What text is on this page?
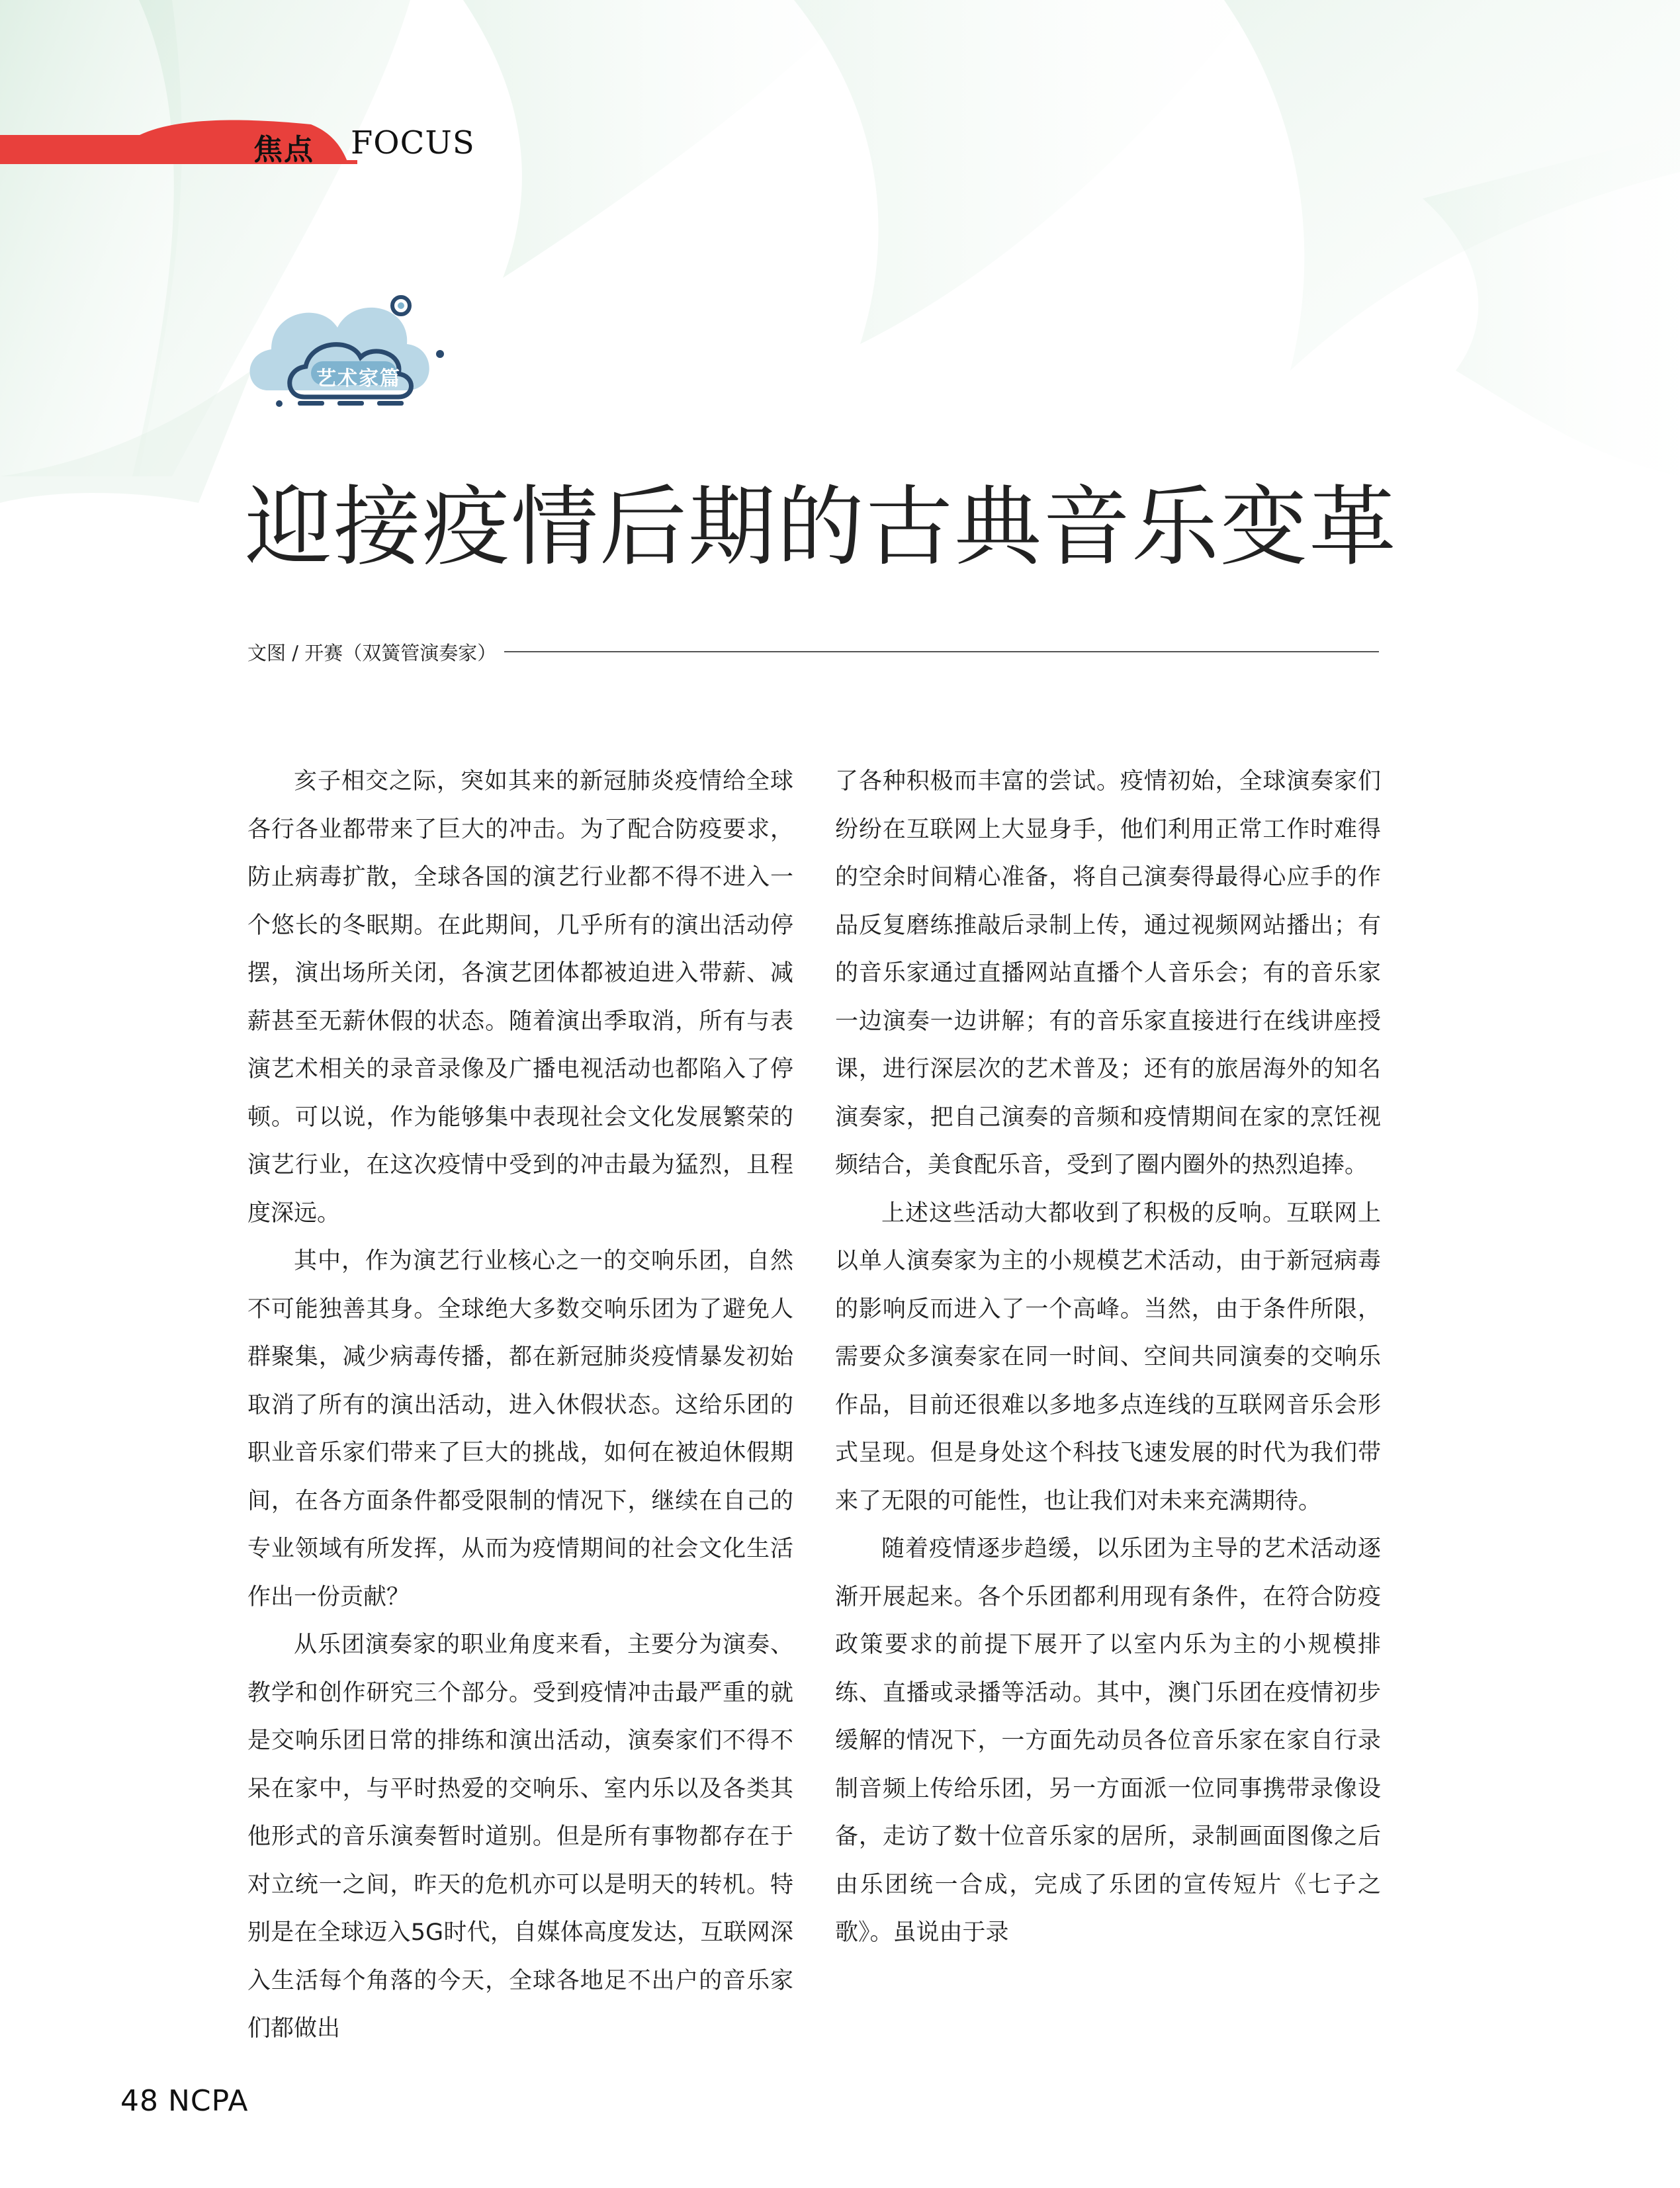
焦点 FOCUS
艺术家篇
迎接疫情后期的古典音乐变革
文图 / 开赛（双簧管演奏家）

亥子相交之际，突如其来的新冠肺炎疫情给全球各行各业都带来了巨大的冲击。为了配合防疫要求，防止病毒扩散，全球各国的演艺行业都不得不进入一个悠长的冬眠期。在此期间，几乎所有的演出活动停摆，演出场所关闭，各演艺团体都被迫进入带薪、减薪甚至无薪休假的状态。随着演出季取消，所有与表演艺术相关的录音录像及广播电视活动也都陷入了停顿。可以说，作为能够集中表现社会文化发展繁荣的演艺行业，在这次疫情中受到的冲击最为猛烈，且程度深远。

其中，作为演艺行业核心之一的交响乐团，自然不可能独善其身。全球绝大多数交响乐团为了避免人群聚集，减少病毒传播，都在新冠肺炎疫情暴发初始取消了所有的演出活动，进入休假状态。这给乐团的职业音乐家们带来了巨大的挑战，如何在被迫休假期间，在各方面条件都受限制的情况下，继续在自己的专业领域有所发挥，从而为疫情期间的社会文化生活作出一份贡献？

从乐团演奏家的职业角度来看，主要分为演奏、教学和创作研究三个部分。受到疫情冲击最严重的就是交响乐团日常的排练和演出活动，演奏家们不得不呆在家中，与平时热爱的交响乐、室内乐以及各类其他形式的音乐演奏暂时道别。但是所有事物都存在于对立统一之间，昨天的危机亦可以是明天的转机。特别是在全球迈入5G时代，自媒体高度发达，互联网深入生活每个角落的今天，全球各地足不出户的音乐家们都做出

了各种积极而丰富的尝试。疫情初始，全球演奏家们纷纷在互联网上大显身手，他们利用正常工作时难得的空余时间精心准备，将自己演奏得最得心应手的作品反复磨练推敲后录制上传，通过视频网站播出；有的音乐家通过直播网站直播个人音乐会；有的音乐家一边演奏一边讲解；有的音乐家直接进行在线讲座授课，进行深层次的艺术普及；还有的旅居海外的知名演奏家，把自己演奏的音频和疫情期间在家的烹饪视频结合，美食配乐音，受到了圈内圈外的热烈追捧。

上述这些活动大都收到了积极的反响。互联网上以单人演奏家为主的小规模艺术活动，由于新冠病毒的影响反而进入了一个高峰。当然，由于条件所限，需要众多演奏家在同一时间、空间共同演奏的交响乐作品，目前还很难以多地多点连线的互联网音乐会形式呈现。但是身处这个科技飞速发展的时代为我们带来了无限的可能性，也让我们对未来充满期待。

随着疫情逐步趋缓，以乐团为主导的艺术活动逐渐开展起来。各个乐团都利用现有条件，在符合防疫政策要求的前提下展开了以室内乐为主的小规模排练、直播或录播等活动。其中，澳门乐团在疫情初步缓解的情况下，一方面先动员各位音乐家在家自行录制音频上传给乐团，另一方面派一位同事携带录像设备，走访了数十位音乐家的居所，录制画面图像之后由乐团统一合成，完成了乐团的宣传短片《七子之歌》。虽说由于录

48 NCPA
